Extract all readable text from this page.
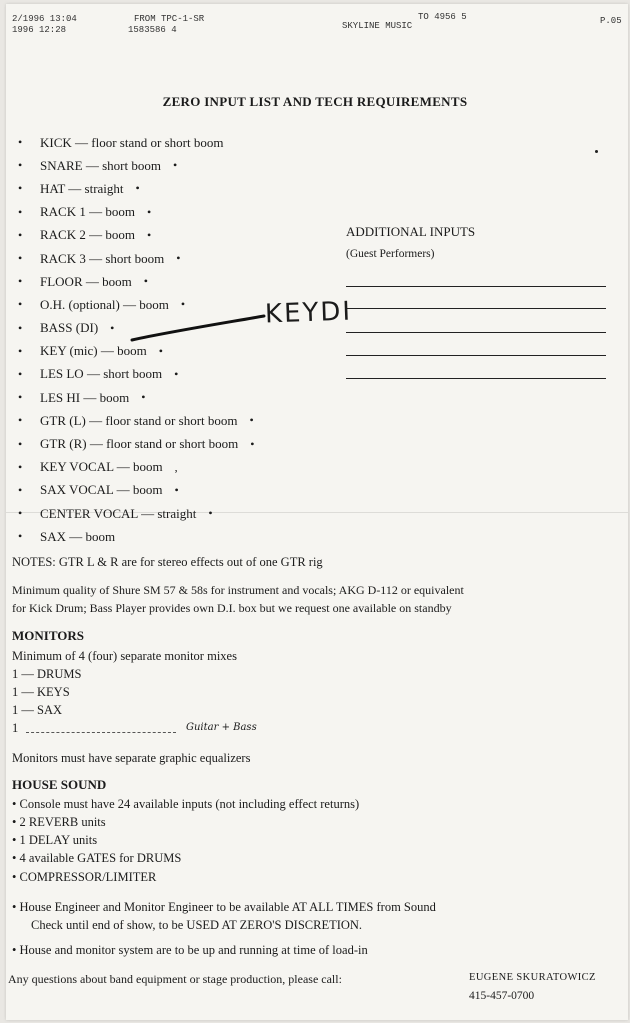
2/1996 13:04	FROM TPC-1-SR
1996 12:28	1583586 4	SKYLINE MUSIC
TO 4956 5	P.05
ZERO INPUT LIST AND TECH REQUIREMENTS
•	KICK — floor stand or short boom
•	SNARE — short boom •
•	HAT — straight •
•	RACK 1 — boom •
•	RACK 2 — boom •
•	RACK 3 — short boom •
•	FLOOR — boom •
•	O.H. (optional) — boom •
•	BASS (DI) •
•	KEY (mic) — boom •
•	LES LO — short boom •
•	LES HI — boom •
•	GTR (L) — floor stand or short boom •
•	GTR (R) — floor stand or short boom •
•	KEY VOCAL — boom ,
•	SAX VOCAL — boom •
•	CENTER VOCAL — straight •
•	SAX — boom
ADDITIONAL INPUTS
(Guest Performers)
KEYDI
NOTES: GTR L & R are for stereo effects out of one GTR rig
Minimum quality of Shure SM 57 & 58s for instrument and vocals; AKG D-112 or equivalent
for Kick Drum; Bass Player provides own D.I. box but we request one available on standby
MONITORS
Minimum of 4 (four) separate monitor mixes
1 — DRUMS
1 — KEYS
1 — SAX
1	Guitar + Bass
Monitors must have separate graphic equalizers
HOUSE SOUND
• Console must have 24 available inputs (not including effect returns)
• 2 REVERB units
• 1 DELAY units
• 4 available GATES for DRUMS
• COMPRESSOR/LIMITER
• House Engineer and Monitor Engineer to be available AT ALL TIMES from Sound
Check until end of show, to be USED AT ZERO'S DISCRETION.
• House and monitor system are to be up and running at time of load-in
Any questions about band equipment or stage production, please call:	EUGENE SKURATOWICZ
415-457-0700
